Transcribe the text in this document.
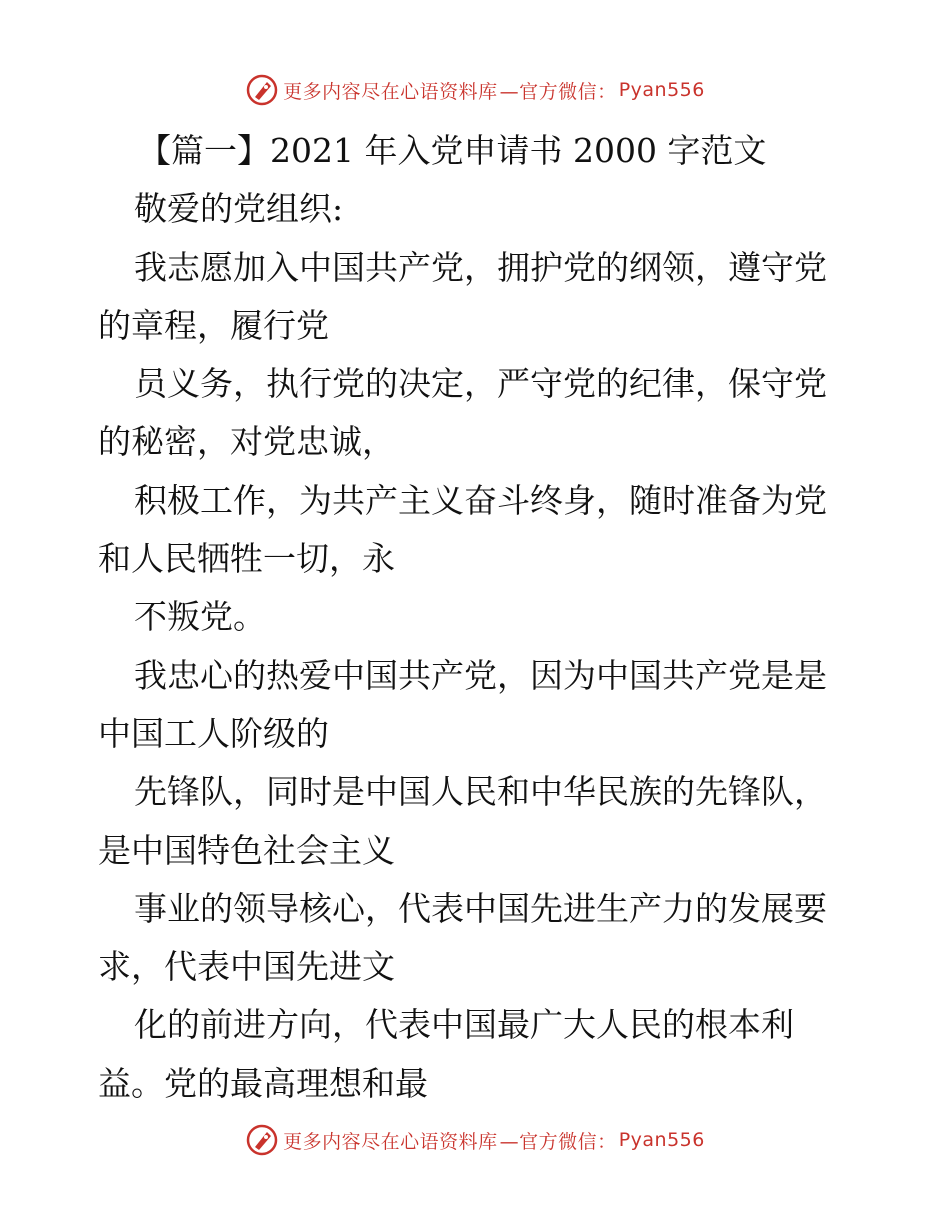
更多内容尽在心语资料库 —官方微信： Pyan556

【篇一】2021 年入党申请书 2000 字范文

敬爱的党组织:

我志愿加入中国共产党，拥护党的纲领，遵守党

的章程，履行党

员义务，执行党的决定，严守党的纪律，保守党

的秘密，对党忠诚，

积极工作，为共产主义奋斗终身，随时准备为党

和人民牺牲一切，永

不叛党。

我忠心的热爱中国共产党，因为中国共产党是是

中国工人阶级的

先锋队，同时是中国人民和中华民族的先锋队，

是中国特色社会主义

事业的领导核心，代表中国先进生产力的发展要

求，代表中国先进文

化的前进方向，代表中国最广大人民的根本利

益。党的最高理想和最

更多内容尽在心语资料库 —官方微信： Pyan556
